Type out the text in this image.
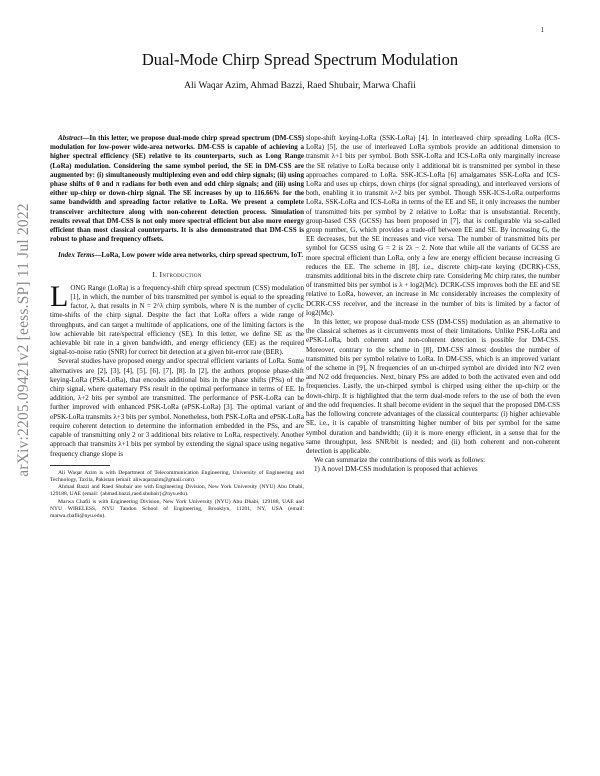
1
arXiv:2205.09421v2 [eess.SP] 11 Jul 2022
Dual-Mode Chirp Spread Spectrum Modulation
Ali Waqar Azim, Ahmad Bazzi, Raed Shubair, Marwa Chafii

Abstract—In this letter, we propose dual-mode chirp spread spectrum (DM-CSS) modulation for low-power wide-area networks. DM-CSS is capable of achieving a higher spectral efficiency (SE) relative to its counterparts, such as Long Range (LoRa) modulation. Considering the same symbol period, the SE in DM-CSS are augmented by: (i) simultaneously multiplexing even and odd chirp signals; (ii) using phase shifts of 0 and π radians for both even and odd chirp signals; and (iii) using either up-chirp or down-chirp signal. The SE increases by up to 116.66% for the same bandwidth and spreading factor relative to LoRa. We present a complete transceiver architecture along with non-coherent detection process. Simulation results reveal that DM-CSS is not only more spectral efficient but also more energy efficient than most classical counterparts. It is also demonstrated that DM-CSS is robust to phase and frequency offsets.

Index Terms—LoRa, Low power wide area networks, chirp spread spectrum, IoT.

I. Introduction

LONG Range (LoRa) is a frequency-shift chirp spread spectrum (CSS) modulation [1], in which, the number of bits transmitted per symbol is equal to the spreading factor, λ, that results in N = 2^λ chirp symbols, where N is the number of cyclic time-shifts of the chirp signal. Despite the fact that LoRa offers a wide range of throughputs, and can target a multitude of applications, one of the limiting factors is the low achievable bit rate/spectral efficiency (SE). In this letter, we define SE as the achievable bit rate in a given bandwidth, and energy efficiency (EE) as the required signal-to-noise ratio (SNR) for correct bit detection at a given bit-error rate (BER).

Several studies have proposed energy and/or spectral efficient variants of LoRa. Some alternatives are [2], [3], [4], [5], [6], [7], [8]. In [2], the authors propose phase-shift keying-LoRa (PSK-LoRa), that encodes additional bits in the phase shifts (PSs) of the chirp signal, where quaternary PSs result in the optimal performance in terms of EE. In addition, λ+2 bits per symbol are transmitted. The performance of PSK-LoRa can be further improved with enhanced PSK-LoRa (ePSK-LoRa) [3]. The optimal variant of ePSK-LoRa transmits λ+3 bits per symbol. Nonetheless, both PSK-LoRa and ePSK-LoRa require coherent detection to determine the information embedded in the PSs, and are capable of transmitting only 2 or 3 additional bits relative to LoRa, respectively. Another approach that transmits λ+1 bits per symbol by extending the signal space using negative frequency change slope is

Ali Waqar Azim is with Department of Telecommunication Engineering, University of Engineering and Technology, Taxila, Pakistan (email: aliwaqarazim@gmail.com).

Ahmad Bazzi and Raed Shubair are with Engineering Division, New York University (NYU) Abu Dhabi, 129188, UAE (email: {ahmad.bazzi,raed.shubair}@nyu.edu).

Marwa Chafii is with Engineering Division, New York University (NYU) Abu Dhabi, 129188, UAE and NYU WIRELESS, NYU Tandon School of Engineering, Brooklyn, 11201, NY, USA (email: marwa.chafii@nyu.edu).

slope-shift keying-LoRa (SSK-LoRa) [4]. In interleaved chirp spreading LoRa (ICS-LoRa) [5], the use of interleaved LoRa symbols provide an additional dimension to transmit λ+1 bits per symbol. Both SSK-LoRa and ICS-LoRa only marginally increase the SE relative to LoRa because only 1 additional bit is transmitted per symbol in these approaches compared to LoRa. SSK-ICS-LoRa [6] amalgamates SSK-LoRa and ICS-LoRa and uses up chirps, down chirps (for signal spreading), and interleaved versions of both, enabling it to transmit λ+2 bits per symbol. Though SSK-ICS-LoRa outperforms LoRa, SSK-LoRa and ICS-LoRa in terms of the EE and SE, it only increases the number of transmitted bits per symbol by 2 relative to LoRa: that is unsubstantial. Recently, group-based CSS (GCSS) has been proposed in [7], that is configurable via so-called group number, G, which provides a trade-off between EE and SE. By increasing G, the EE decreases, but the SE increases and vice versa. The number of transmitted bits per symbol for GCSS using G = 2 is 2λ − 2. Note that while all the variants of GCSS are more spectral efficient than LoRa, only a few are energy efficient because increasing G reduces the EE. The scheme in [8], i.e., discrete chirp-rate keying (DCRK)-CSS, transmits additional bits in the discrete chirp rate. Considering Mc chirp rates, the number of transmitted bits per symbol is λ + log2(Mc). DCRK-CSS improves both the EE and SE relative to LoRa, however, an increase in Mc considerably increases the complexity of DCRK-CSS receiver, and the increase in the number of bits is limited by a factor of log2(Mc).

In this letter, we propose dual-mode CSS (DM-CSS) modulation as an alternative to the classical schemes as it circumvents most of their limitations. Unlike PSK-LoRa and ePSK-LoRa, both coherent and non-coherent detection is possible for DM-CSS. Moreover, contrary to the scheme in [8], DM-CSS almost doubles the number of transmitted bits per symbol relative to LoRa. In DM-CSS, which is an improved variant of the scheme in [9], N frequencies of an un-chirped symbol are divided into N/2 even and N/2 odd frequencies. Next, binary PSs are added to both the activated even and odd frequencies. Lastly, the un-chirped symbol is chirped using either the up-chirp or the down-chirp. It is highlighted that the term dual-mode refers to the use of both the even and the odd frequencies. It shall become evident in the sequel that the proposed DM-CSS has the following concrete advantages of the classical counterparts: (i) higher achievable SE, i.e., it is capable of transmitting higher number of bits per symbol for the same symbol duration and bandwidth; (ii) it is more energy efficient, in a sense that for the same throughput, less SNR/bit is needed; and (ii) both coherent and non-coherent detection is applicable.

We can summarize the contributions of this work as follows:

1) A novel DM-CSS modulation is proposed that achieves
